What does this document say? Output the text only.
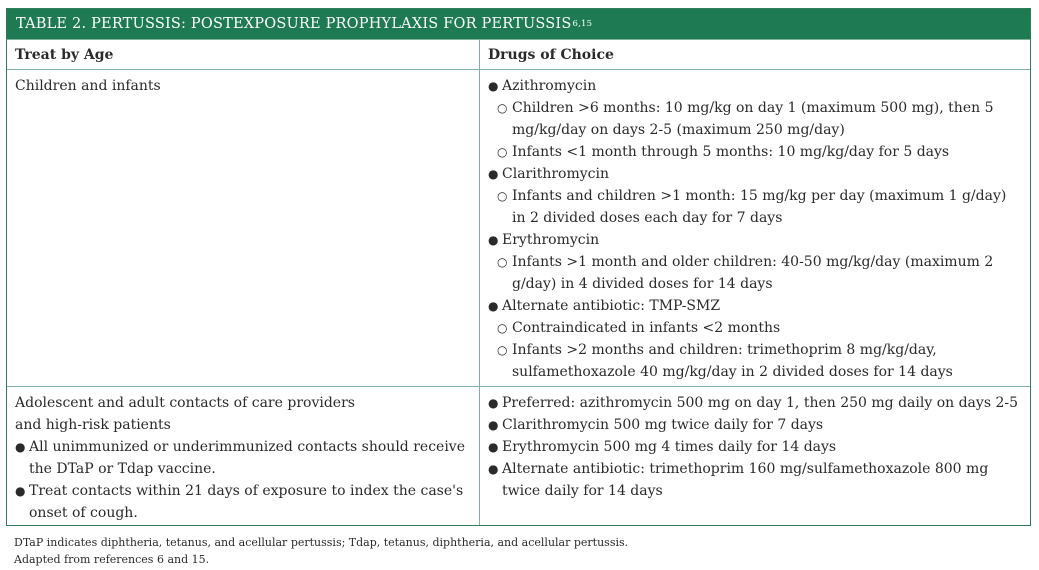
TABLE 2. PERTUSSIS: POSTEXPOSURE PROPHYLAXIS FOR PERTUSSIS 6,15
Treat by Age	Drugs of Choice
Children and infants	● Azithromycin
○ Children >6 months: 10 mg/kg on day 1 (maximum 500 mg), then 5 mg/kg/day on days 2-5 (maximum 250 mg/day)
○ Infants <1 month through 5 months: 10 mg/kg/day for 5 days
● Clarithromycin
○ Infants and children >1 month: 15 mg/kg per day (maximum 1 g/day) in 2 divided doses each day for 7 days
● Erythromycin
○ Infants >1 month and older children: 40-50 mg/kg/day (maximum 2 g/day) in 4 divided doses for 14 days
● Alternate antibiotic: TMP-SMZ
○ Contraindicated in infants <2 months
○ Infants >2 months and children: trimethoprim 8 mg/kg/day, sulfamethoxazole 40 mg/kg/day in 2 divided doses for 14 days
Adolescent and adult contacts of care providers and high-risk patients
● All unimmunized or underimmunized contacts should receive the DTaP or Tdap vaccine.
● Treat contacts within 21 days of exposure to index the case's onset of cough.
● Preferred: azithromycin 500 mg on day 1, then 250 mg daily on days 2-5
● Clarithromycin 500 mg twice daily for 7 days
● Erythromycin 500 mg 4 times daily for 14 days
● Alternate antibiotic: trimethoprim 160 mg/sulfamethoxazole 800 mg twice daily for 14 days
DTaP indicates diphtheria, tetanus, and acellular pertussis; Tdap, tetanus, diphtheria, and acellular pertussis.
Adapted from references 6 and 15.
